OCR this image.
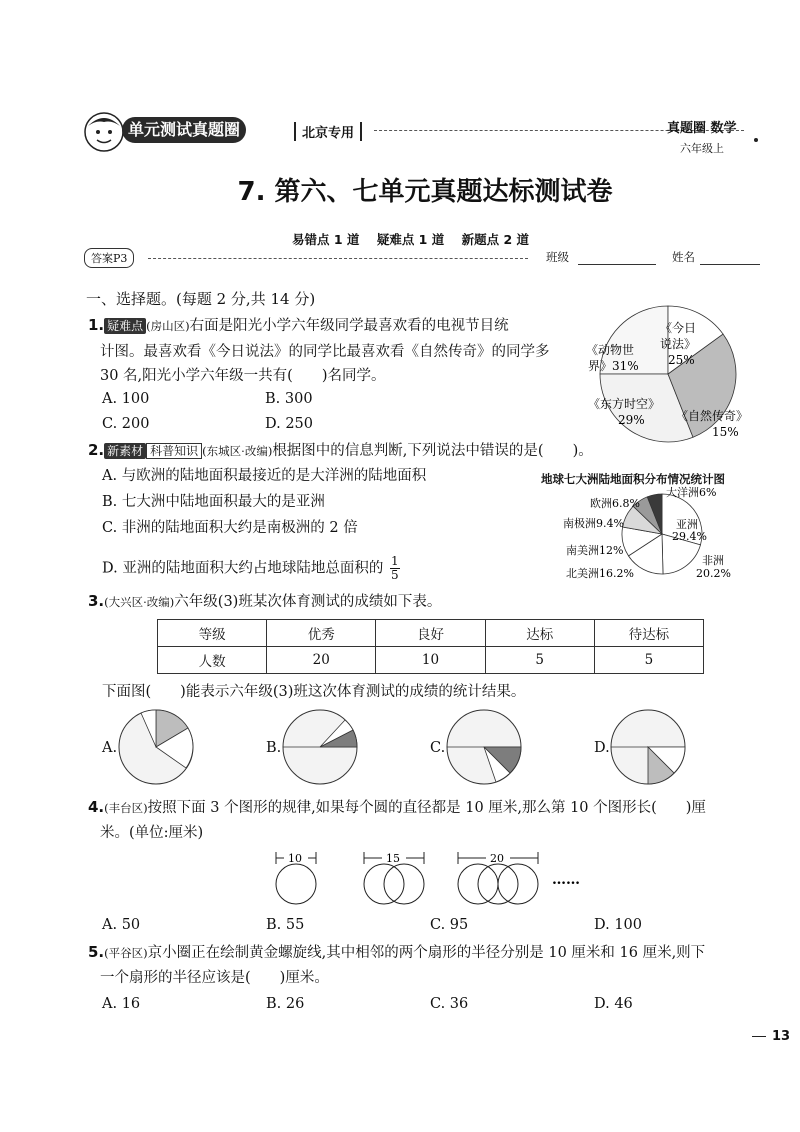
单元测试真题圈	北京专用	真题圈 数学
六年级上
7. 第六、七单元真题达标测试卷
易错点 1 道 疑难点 1 道 新题点 2 道
答案P3	班级	姓名
一、选择题。(每题 2 分,共 14 分)
1. 疑难点 (房山区)右面是阳光小学六年级同学最喜欢看的电视节目统
计图。最喜欢看《今日说法》的同学比最喜欢看《自然传奇》的同学多
30 名,阳光小学六年级一共有(　　)名同学。
A. 100	B. 300
C. 200	D. 250
《今日
说法》
25%
《动物世
界》31%
《东方时空》
29%	《自然传奇》
15%
2. 新素材 科普知识 (东城区·改编)根据图中的信息判断,下列说法中错误的是(　　)。
A. 与欧洲的陆地面积最接近的是大洋洲的陆地面积
B. 七大洲中陆地面积最大的是亚洲
C. 非洲的陆地面积大约是南极洲的 2 倍
D. 亚洲的陆地面积大约占地球陆地总面积的 $\frac{1}{5}$
地球七大洲陆地面积分布情况统计图
大洋洲6%
欧洲6.8%
南极洲9.4%	亚洲
29.4%
南美洲12%
非洲
20.2%
北美洲16.2%
3.(大兴区·改编)六年级(3)班某次体育测试的成绩如下表。
等级	优秀	良好	达标	待达标
人数	20	10	5	5
下面图(　　)能表示六年级(3)班这次体育测试的成绩的统计结果。
A.	B.	C.	D.
4.(丰台区)按照下面 3 个图形的规律,如果每个圆的直径都是 10 厘米,那么第 10 个图形长(　　)厘
米。(单位:厘米)
10	15	20
……
A. 50	B. 55	C. 95	D. 100
5.(平谷区)京小圈正在绘制黄金螺旋线,其中相邻的两个扇形的半径分别是 10 厘米和 16 厘米,则下
一个扇形的半径应该是(　　)厘米。
A. 16	B. 26	C. 36	D. 46
13
